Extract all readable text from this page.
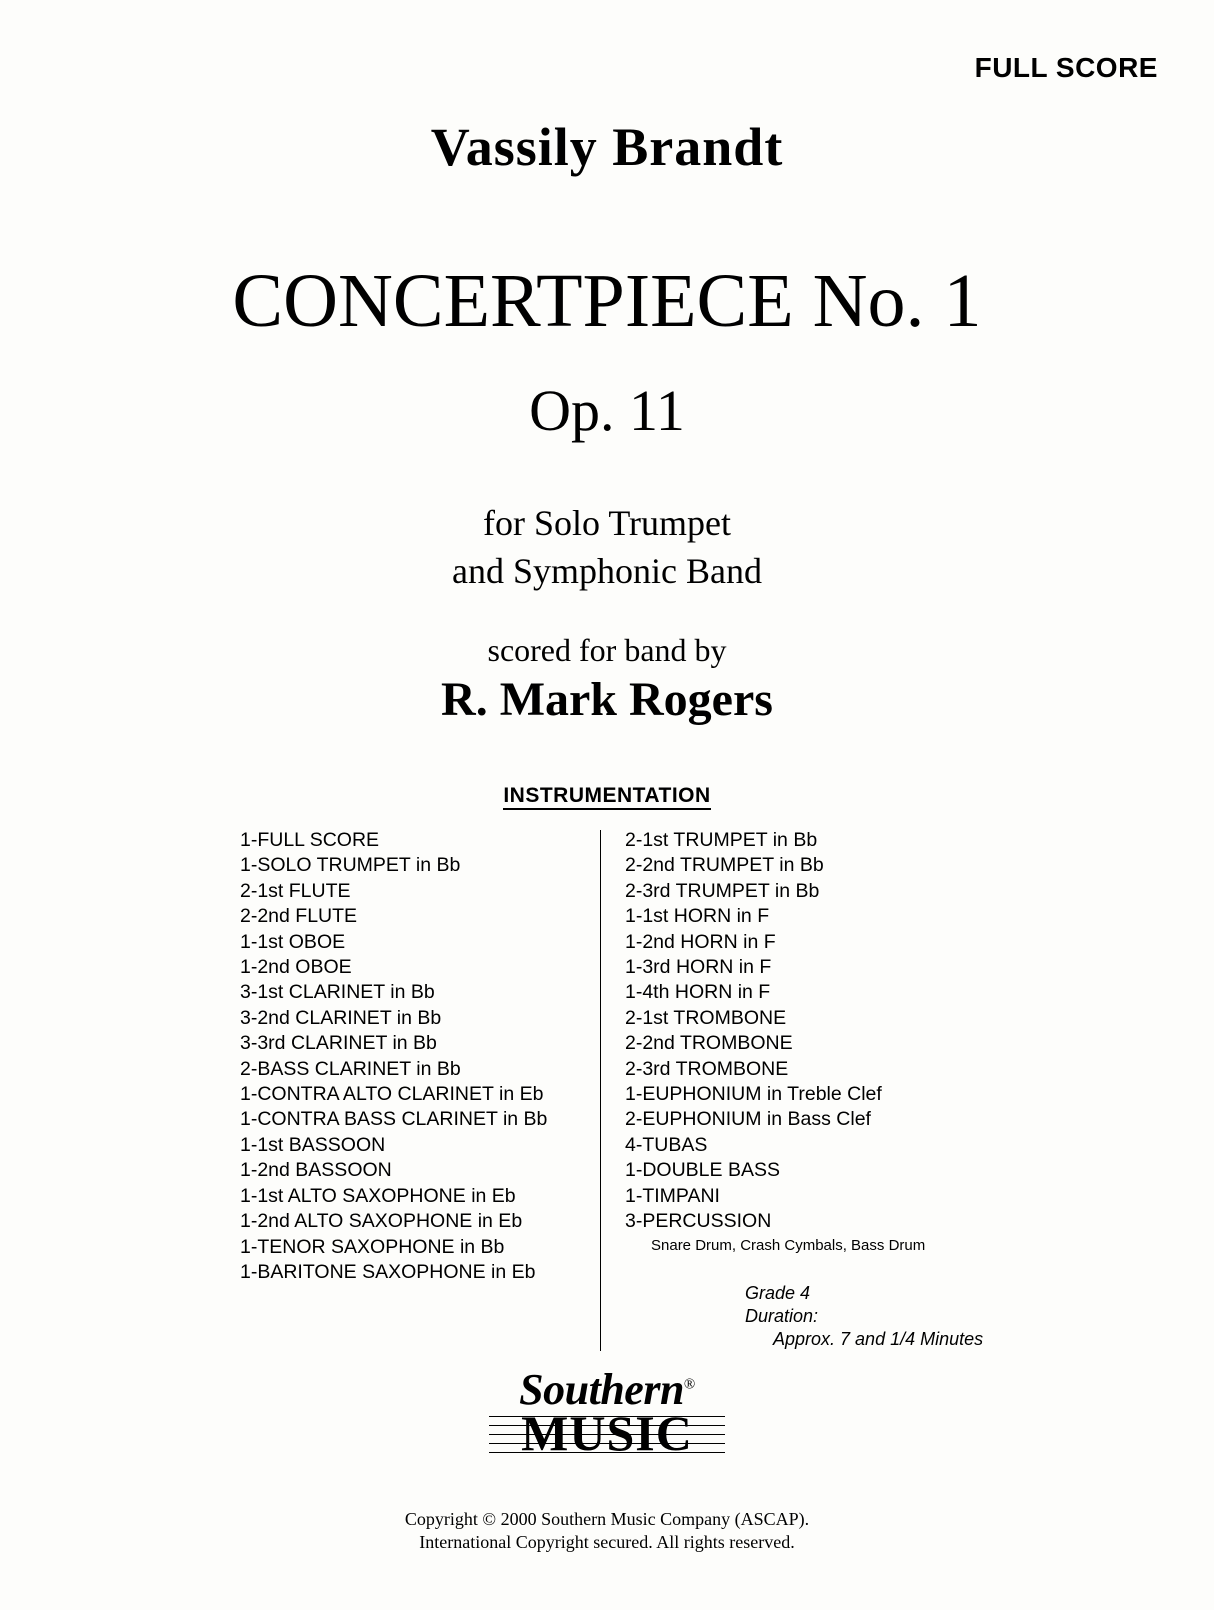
FULL SCORE
Vassily Brandt
CONCERTPIECE No. 1
Op. 11
for Solo Trumpet
and Symphonic Band
scored for band by
R. Mark Rogers
INSTRUMENTATION
1-FULL SCORE
1-SOLO TRUMPET in Bb
2-1st FLUTE
2-2nd FLUTE
1-1st OBOE
1-2nd OBOE
3-1st CLARINET in Bb
3-2nd CLARINET in Bb
3-3rd CLARINET in Bb
2-BASS CLARINET in Bb
1-CONTRA ALTO CLARINET in Eb
1-CONTRA BASS CLARINET in Bb
1-1st BASSOON
1-2nd BASSOON
1-1st ALTO SAXOPHONE in Eb
1-2nd ALTO SAXOPHONE in Eb
1-TENOR SAXOPHONE in Bb
1-BARITONE SAXOPHONE in Eb
2-1st TRUMPET in Bb
2-2nd TRUMPET in Bb
2-3rd TRUMPET in Bb
1-1st HORN in F
1-2nd HORN in F
1-3rd HORN in F
1-4th HORN in F
2-1st TROMBONE
2-2nd TROMBONE
2-3rd TROMBONE
1-EUPHONIUM in Treble Clef
2-EUPHONIUM in Bass Clef
4-TUBAS
1-DOUBLE BASS
1-TIMPANI
3-PERCUSSION
Snare Drum, Crash Cymbals, Bass Drum
Grade 4
Duration:
Approx. 7 and 1/4 Minutes
Southern®
MUSIC
Copyright © 2000 Southern Music Company (ASCAP).
International Copyright secured. All rights reserved.
